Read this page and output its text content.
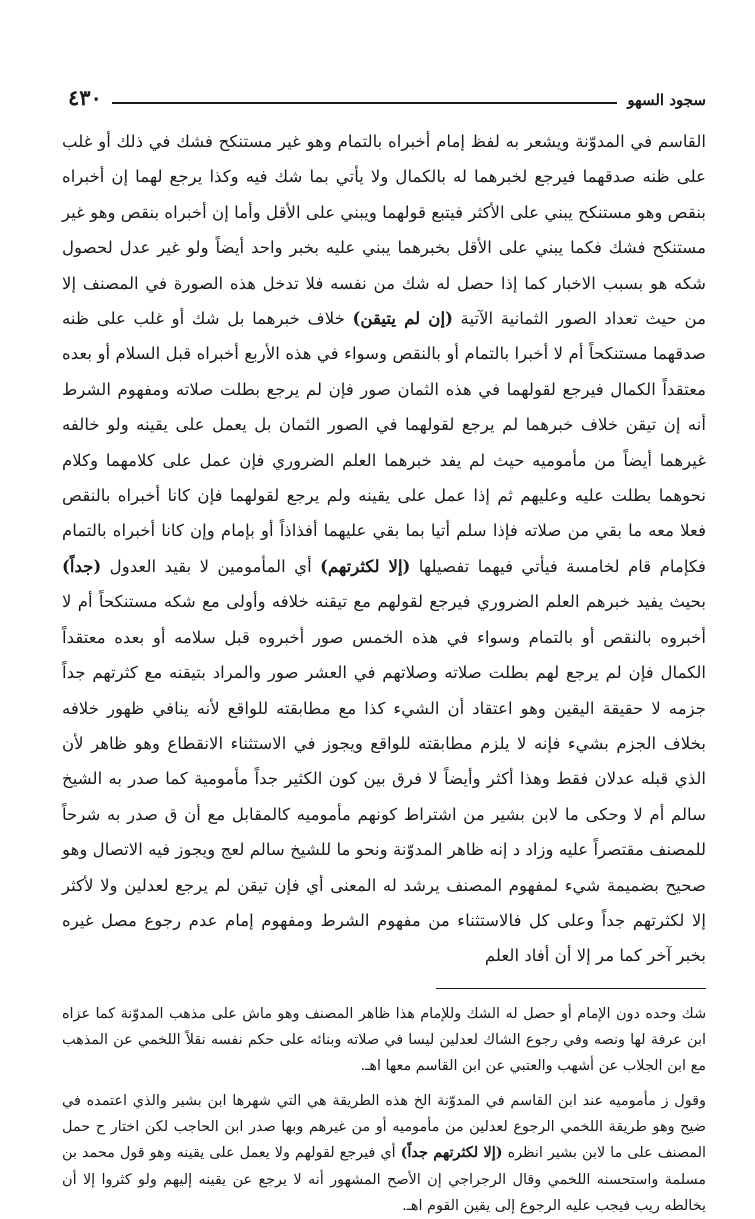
سجود السهو
٤٣٠
القاسم في المدوّنة ويشعر به لفظ إمام أخبراه بالتمام وهو غير مستنكح فشك في ذلك أو غلب على ظنه صدقهما فيرجع لخبرهما له بالكمال ولا يأتي بما شك فيه وكذا يرجع لهما إن أخبراه بنقص وهو مستنكح يبني على الأكثر فيتبع قولهما ويبني على الأقل وأما إن أخبراه بنقص وهو غير مستنكح فشك فكما يبني على الأقل بخبرهما يبني عليه بخبر واحد أيضاً ولو غير عدل لحصول شكه هو بسبب الاخبار كما إذا حصل له شك من نفسه فلا تدخل هذه الصورة في المصنف إلا من حيث تعداد الصور الثمانية الآتية (إن لم يتيقن) خلاف خبرهما بل شك أو غلب على ظنه صدقهما مستنكحاً أم لا أخبرا بالتمام أو بالنقص وسواء في هذه الأربع أخبراه قبل السلام أو بعده معتقداً الكمال فيرجع لقولهما في هذه الثمان صور فإن لم يرجع بطلت صلاته ومفهوم الشرط أنه إن تيقن خلاف خبرهما لم يرجع لقولهما في الصور الثمان بل يعمل على يقينه ولو خالفه غيرهما أيضاً من مأموميه حيث لم يفد خبرهما العلم الضروري فإن عمل على كلامهما وكلام نحوهما بطلت عليه وعليهم ثم إذا عمل على يقينه ولم يرجع لقولهما فإن كانا أخبراه بالنقص فعلا معه ما بقي من صلاته فإذا سلم أتيا بما بقي عليهما أفذاذاً أو بإمام وإن كانا أخبراه بالتمام فكإمام قام لخامسة فيأتي فيهما تفصيلها (إلا لكثرتهم) أي المأمومين لا بقيد العدول (جداً) بحيث يفيد خبرهم العلم الضروري فيرجع لقولهم مع تيقنه خلافه وأولى مع شكه مستنكحاً أم لا أخبروه بالنقص أو بالتمام وسواء في هذه الخمس صور أخبروه قبل سلامه أو بعده معتقداً الكمال فإن لم يرجع لهم بطلت صلاته وصلاتهم في العشر صور والمراد بتيقنه مع كثرتهم جداً جزمه لا حقيقة اليقين وهو اعتقاد أن الشيء كذا مع مطابقته للواقع لأنه ينافي ظهور خلافه بخلاف الجزم بشيء فإنه لا يلزم مطابقته للواقع ويجوز في الاستثناء الانقطاع وهو ظاهر لأن الذي قبله عدلان فقط وهذا أكثر وأيضاً لا فرق بين كون الكثير جداً مأمومية كما صدر به الشيخ سالم أم لا وحكى ما لابن بشير من اشتراط كونهم مأموميه كالمقابل مع أن ق صدر به شرحاً للمصنف مقتصراً عليه وزاد د إنه ظاهر المدوّنة ونحو ما للشيخ سالم لعج ويجوز فيه الاتصال وهو صحيح بضميمة شيء لمفهوم المصنف يرشد له المعنى أي فإن تيقن لم يرجع لعدلين ولا لأكثر إلا لكثرتهم جداً وعلى كل فالاستثناء من مفهوم الشرط ومفهوم إمام عدم رجوع مصل غيره بخبر آخر كما مر إلا أن أفاد العلم

شك وحده دون الإمام أو حصل له الشك وللإمام هذا ظاهر المصنف وهو ماش على مذهب المدوّنة كما عزاه ابن عرفة لها ونصه وفي رجوع الشاك لعدلين ليسا في صلاته وبنائه على حكم نفسه نقلاً اللخمي عن المذهب مع ابن الجلاب عن أشهب والعتبي عن ابن القاسم معها اهـ.

وقول ز مأموميه عند ابن القاسم في المدوّنة الخ هذه الطريقة هي التي شهرها ابن بشير والذي اعتمده في ضيح وهو طريقة اللخمي الرجوع لعدلين من مأموميه أو من غيرهم وبها صدر ابن الحاجب لكن اختار ح حمل المصنف على ما لابن بشير انظره (إلا لكثرتهم جداً) أي فيرجع لقولهم ولا يعمل على يقينه وهو قول محمد بن مسلمة واستحسنه اللخمي وقال الرجراجي إن الأصح المشهور أنه لا يرجع عن يقينه إليهم ولو كثروا إلا أن يخالطه ريب فيجب عليه الرجوع إلى يقين القوم اهـ.
